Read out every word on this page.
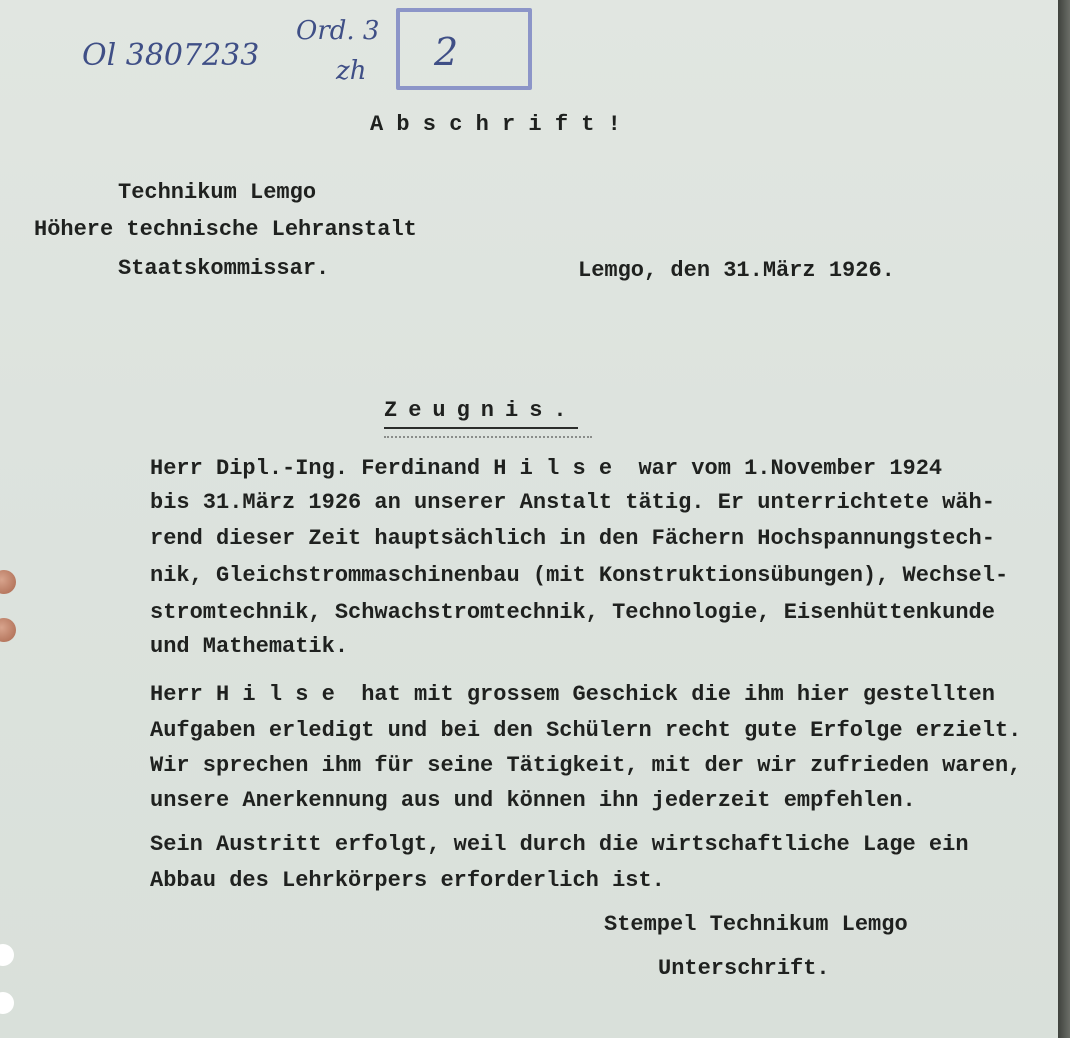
Ol 3807233
Ord. 3
zh 2
A b s c h r i f t !
Technikum Lemgo
Höhere technische Lehranstalt
Staatskommissar.	Lemgo, den 31.März 1926.
Zeugnis.
Herr Dipl.-Ing. Ferdinand H i l s e  war vom 1.November 1924
bis 31.März 1926 an unserer Anstalt tätig. Er unterrichtete wäh-
rend dieser Zeit hauptsächlich in den Fächern Hochspannungstech-
nik, Gleichstrommaschinenbau (mit Konstruktionsübungen), Wechsel-
stromtechnik, Schwachstromtechnik, Technologie, Eisenhüttenkunde
und Mathematik.
Herr H i l s e  hat mit grossem Geschick die ihm hier gestellten
Aufgaben erledigt und bei den Schülern recht gute Erfolge erzielt.
Wir sprechen ihm für seine Tätigkeit, mit der wir zufrieden waren,
unsere Anerkennung aus und können ihn jederzeit empfehlen.
Sein Austritt erfolgt, weil durch die wirtschaftliche Lage ein
Abbau des Lehrkörpers erforderlich ist.
Stempel Technikum Lemgo
Unterschrift.
